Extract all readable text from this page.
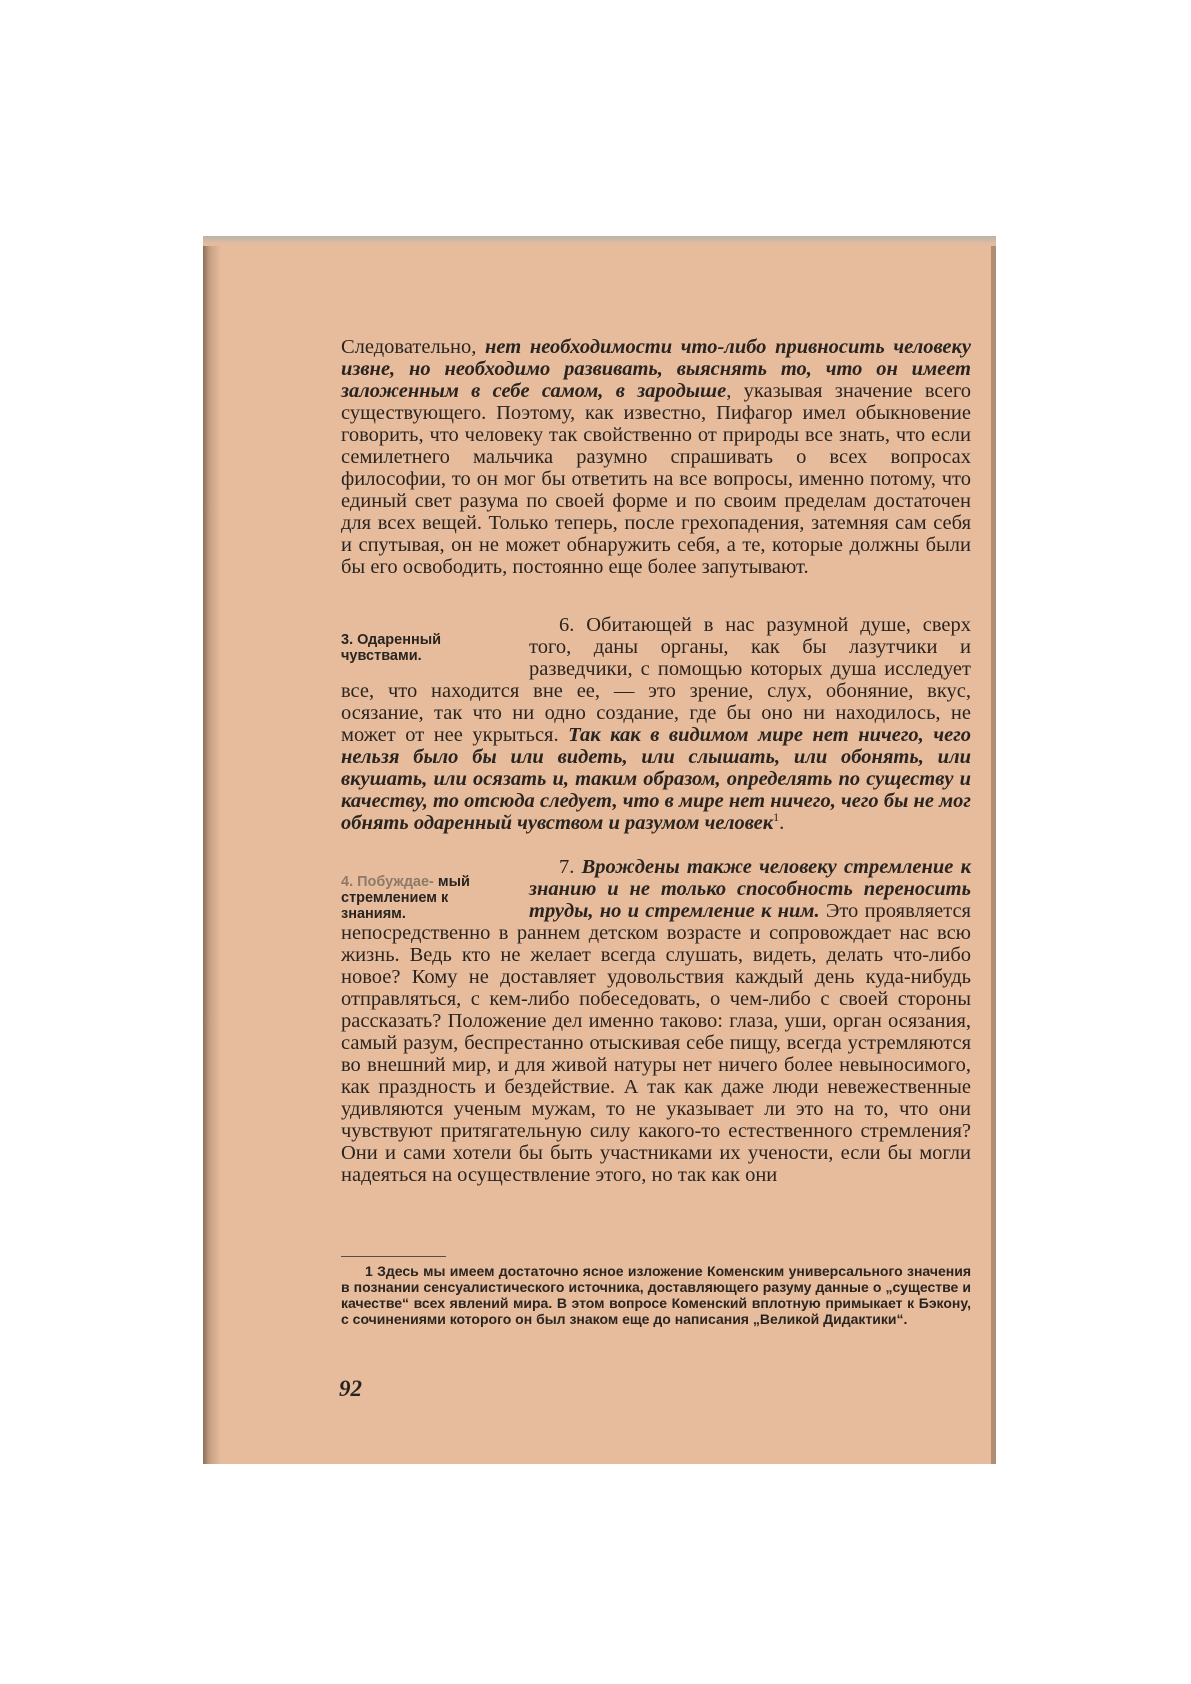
Следовательно, нет необходимости что-либо привносить человеку извне, но необходимо развивать, выяснять то, что он имеет заложенным в себе самом, в зародыше, указывая значение всего существующего. Поэтому, как известно, Пифагор имел обыкновение говорить, что человеку так свойственно от природы все знать, что если семилетнего мальчика разумно спрашивать о всех вопросах философии, то он мог бы ответить на все вопросы, именно потому, что единый свет разума по своей форме и по своим пределам достаточен для всех вещей. Только теперь, после грехопадения, затемняя сам себя и спутывая, он не может обнаружить себя, а те, которые должны были бы его освободить, постоянно еще более запутывают.

3. Одаренный чувствами.

6. Обитающей в нас разумной душе, сверх того, даны органы, как бы лазутчики и разведчики, с помощью которых душа исследует все, что находится вне ее, — это зрение, слух, обоняние, вкус, осязание, так что ни одно создание, где бы оно ни находилось, не может от нее укрыться. Так как в видимом мире нет ничего, чего нельзя было бы или видеть, или слышать, или обонять, или вкушать, или осязать и, таким образом, определять по существу и качеству, то отсюда следует, что в мире нет ничего, чего бы не мог обнять одаренный чувством и разумом человек$^1$.

4. Побуждае- мый стремлением к знаниям.

7. Врождены также человеку стремление к знанию и не только способность переносить труды, но и стремление к ним. Это проявляется непосредственно в раннем детском возрасте и сопровождает нас всю жизнь. Ведь кто не желает всегда слушать, видеть, делать что-либо новое? Кому не доставляет удовольствия каждый день куда-нибудь отправляться, с кем-либо побеседовать, о чем-либо с своей стороны рассказать? Положение дел именно таково: глаза, уши, орган осязания, самый разум, беспрестанно отыскивая себе пищу, всегда устремляются во внешний мир, и для живой натуры нет ничего более невыносимого, как праздность и бездействие. А так как даже люди невежественные удивляются ученым мужам, то не указывает ли это на то, что они чувствуют притягательную силу какого-то естественного стремления? Они и сами хотели бы быть участниками их учености, если бы могли надеяться на осуществление этого, но так как они

1 Здесь мы имеем достаточно ясное изложение Коменским универсального значения в познании сенсуалистического источника, доставляющего разуму данные о „существе и качестве“ всех явлений мира. В этом вопросе Коменский вплотную примыкает к Бэкону, с сочинениями которого он был знаком еще до написания „Великой Дидактики“.
92
